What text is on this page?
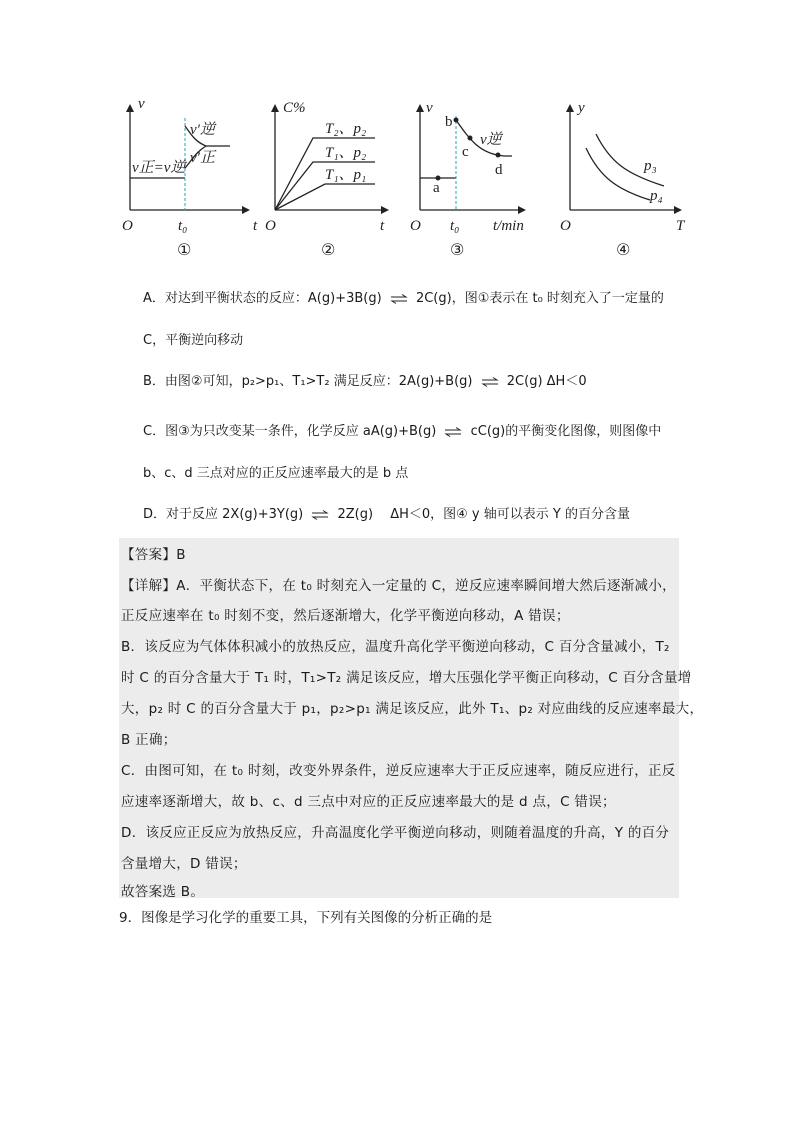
v
t
O	t₀
v′逆
v′正
v正=v逆
①
C%
t
O
T₂、p₂
T₁、p₂
T₁、p₁
②
v
t/min
O t₀
a
b
c
d
v逆
③
y
T
O
p₃
p₄
④
A．对达到平衡状态的反应：A(g)+3B(g) ⇌ 2C(g)，图①表示在 t₀ 时刻充入了一定量的
C，平衡逆向移动
B．由图②可知，p₂>p₁、T₁>T₂ 满足反应：2A(g)+B(g) ⇌ 2C(g) ΔH＜0
C．图③为只改变某一条件，化学反应 aA(g)+B(g) ⇌ cC(g)的平衡变化图像，则图像中
b、c、d 三点对应的正反应速率最大的是 b 点
D．对于反应 2X(g)+3Y(g) ⇌ 2Z(g)　 ΔH＜0，图④ y 轴可以表示 Y 的百分含量
【答案】B
【详解】A．平衡状态下，在 t₀ 时刻充入一定量的 C，逆反应速率瞬间增大然后逐渐减小，
正反应速率在 t₀ 时刻不变，然后逐渐增大，化学平衡逆向移动，A 错误；
B．该反应为气体体积减小的放热反应，温度升高化学平衡逆向移动，C 百分含量减小，T₂
时 C 的百分含量大于 T₁ 时，T₁>T₂ 满足该反应，增大压强化学平衡正向移动，C 百分含量增
大，p₂ 时 C 的百分含量大于 p₁，p₂>p₁ 满足该反应，此外 T₁、p₂ 对应曲线的反应速率最大，
B 正确；
C．由图可知，在 t₀ 时刻，改变外界条件，逆反应速率大于正反应速率，随反应进行，正反
应速率逐渐增大，故 b、c、d 三点中对应的正反应速率最大的是 d 点，C 错误；
D．该反应正反应为放热反应，升高温度化学平衡逆向移动，则随着温度的升高，Y 的百分
含量增大，D 错误；
故答案选 B。
9．图像是学习化学的重要工具，下列有关图像的分析正确的是
